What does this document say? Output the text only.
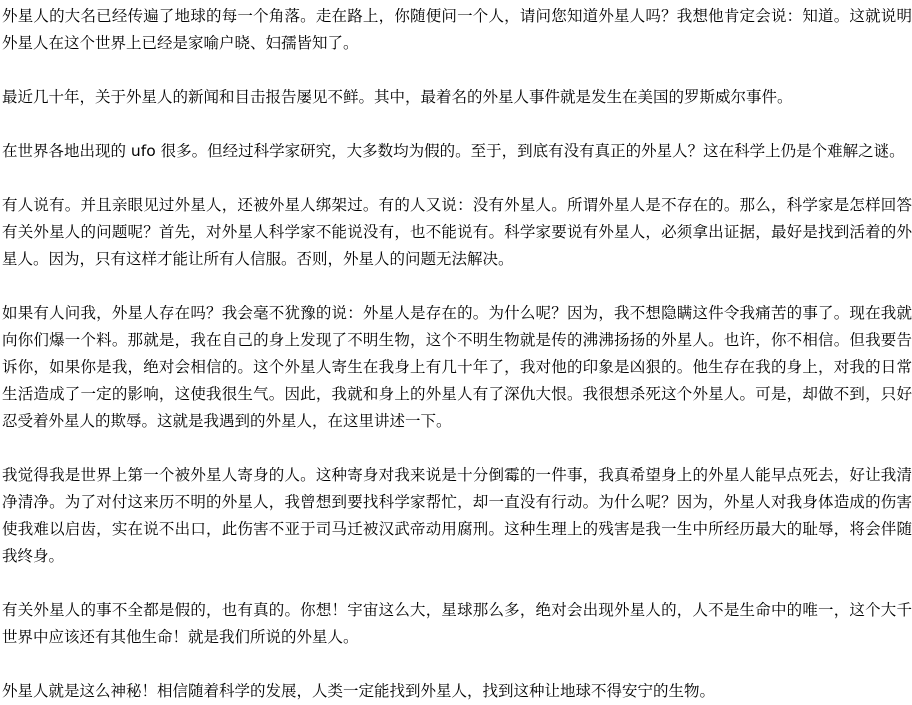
外星人的大名已经传遍了地球的每一个角落。走在路上，你随便问一个人，请问您知道外星人吗？我想他肯定会说：知道。这就说明外星人在这个世界上已经是家喻户晓、妇孺皆知了。

最近几十年，关于外星人的新闻和目击报告屡见不鲜。其中，最着名的外星人事件就是发生在美国的罗斯威尔事件。

在世界各地出现的 ufo 很多。但经过科学家研究，大多数均为假的。至于，到底有没有真正的外星人？这在科学上仍是个难解之谜。

有人说有。并且亲眼见过外星人，还被外星人绑架过。有的人又说：没有外星人。所谓外星人是不存在的。那么，科学家是怎样回答有关外星人的问题呢？首先，对外星人科学家不能说没有，也不能说有。科学家要说有外星人，必须拿出证据，最好是找到活着的外星人。因为，只有这样才能让所有人信服。否则，外星人的问题无法解决。

如果有人问我，外星人存在吗？我会毫不犹豫的说：外星人是存在的。为什么呢？因为，我不想隐瞒这件令我痛苦的事了。现在我就向你们爆一个料。那就是，我在自己的身上发现了不明生物，这个不明生物就是传的沸沸扬扬的外星人。也许，你不相信。但我要告诉你，如果你是我，绝对会相信的。这个外星人寄生在我身上有几十年了，我对他的印象是凶狠的。他生存在我的身上，对我的日常生活造成了一定的影响，这使我很生气。因此，我就和身上的外星人有了深仇大恨。我很想杀死这个外星人。可是，却做不到，只好忍受着外星人的欺辱。这就是我遇到的外星人，在这里讲述一下。

我觉得我是世界上第一个被外星人寄身的人。这种寄身对我来说是十分倒霉的一件事，我真希望身上的外星人能早点死去，好让我清净清净。为了对付这来历不明的外星人，我曾想到要找科学家帮忙，却一直没有行动。为什么呢？因为，外星人对我身体造成的伤害使我难以启齿，实在说不出口，此伤害不亚于司马迁被汉武帝动用腐刑。这种生理上的残害是我一生中所经历最大的耻辱，将会伴随我终身。

有关外星人的事不全都是假的，也有真的。你想！宇宙这么大，星球那么多，绝对会出现外星人的，人不是生命中的唯一，这个大千世界中应该还有其他生命！就是我们所说的外星人。

外星人就是这么神秘！相信随着科学的发展，人类一定能找到外星人，找到这种让地球不得安宁的生物。
